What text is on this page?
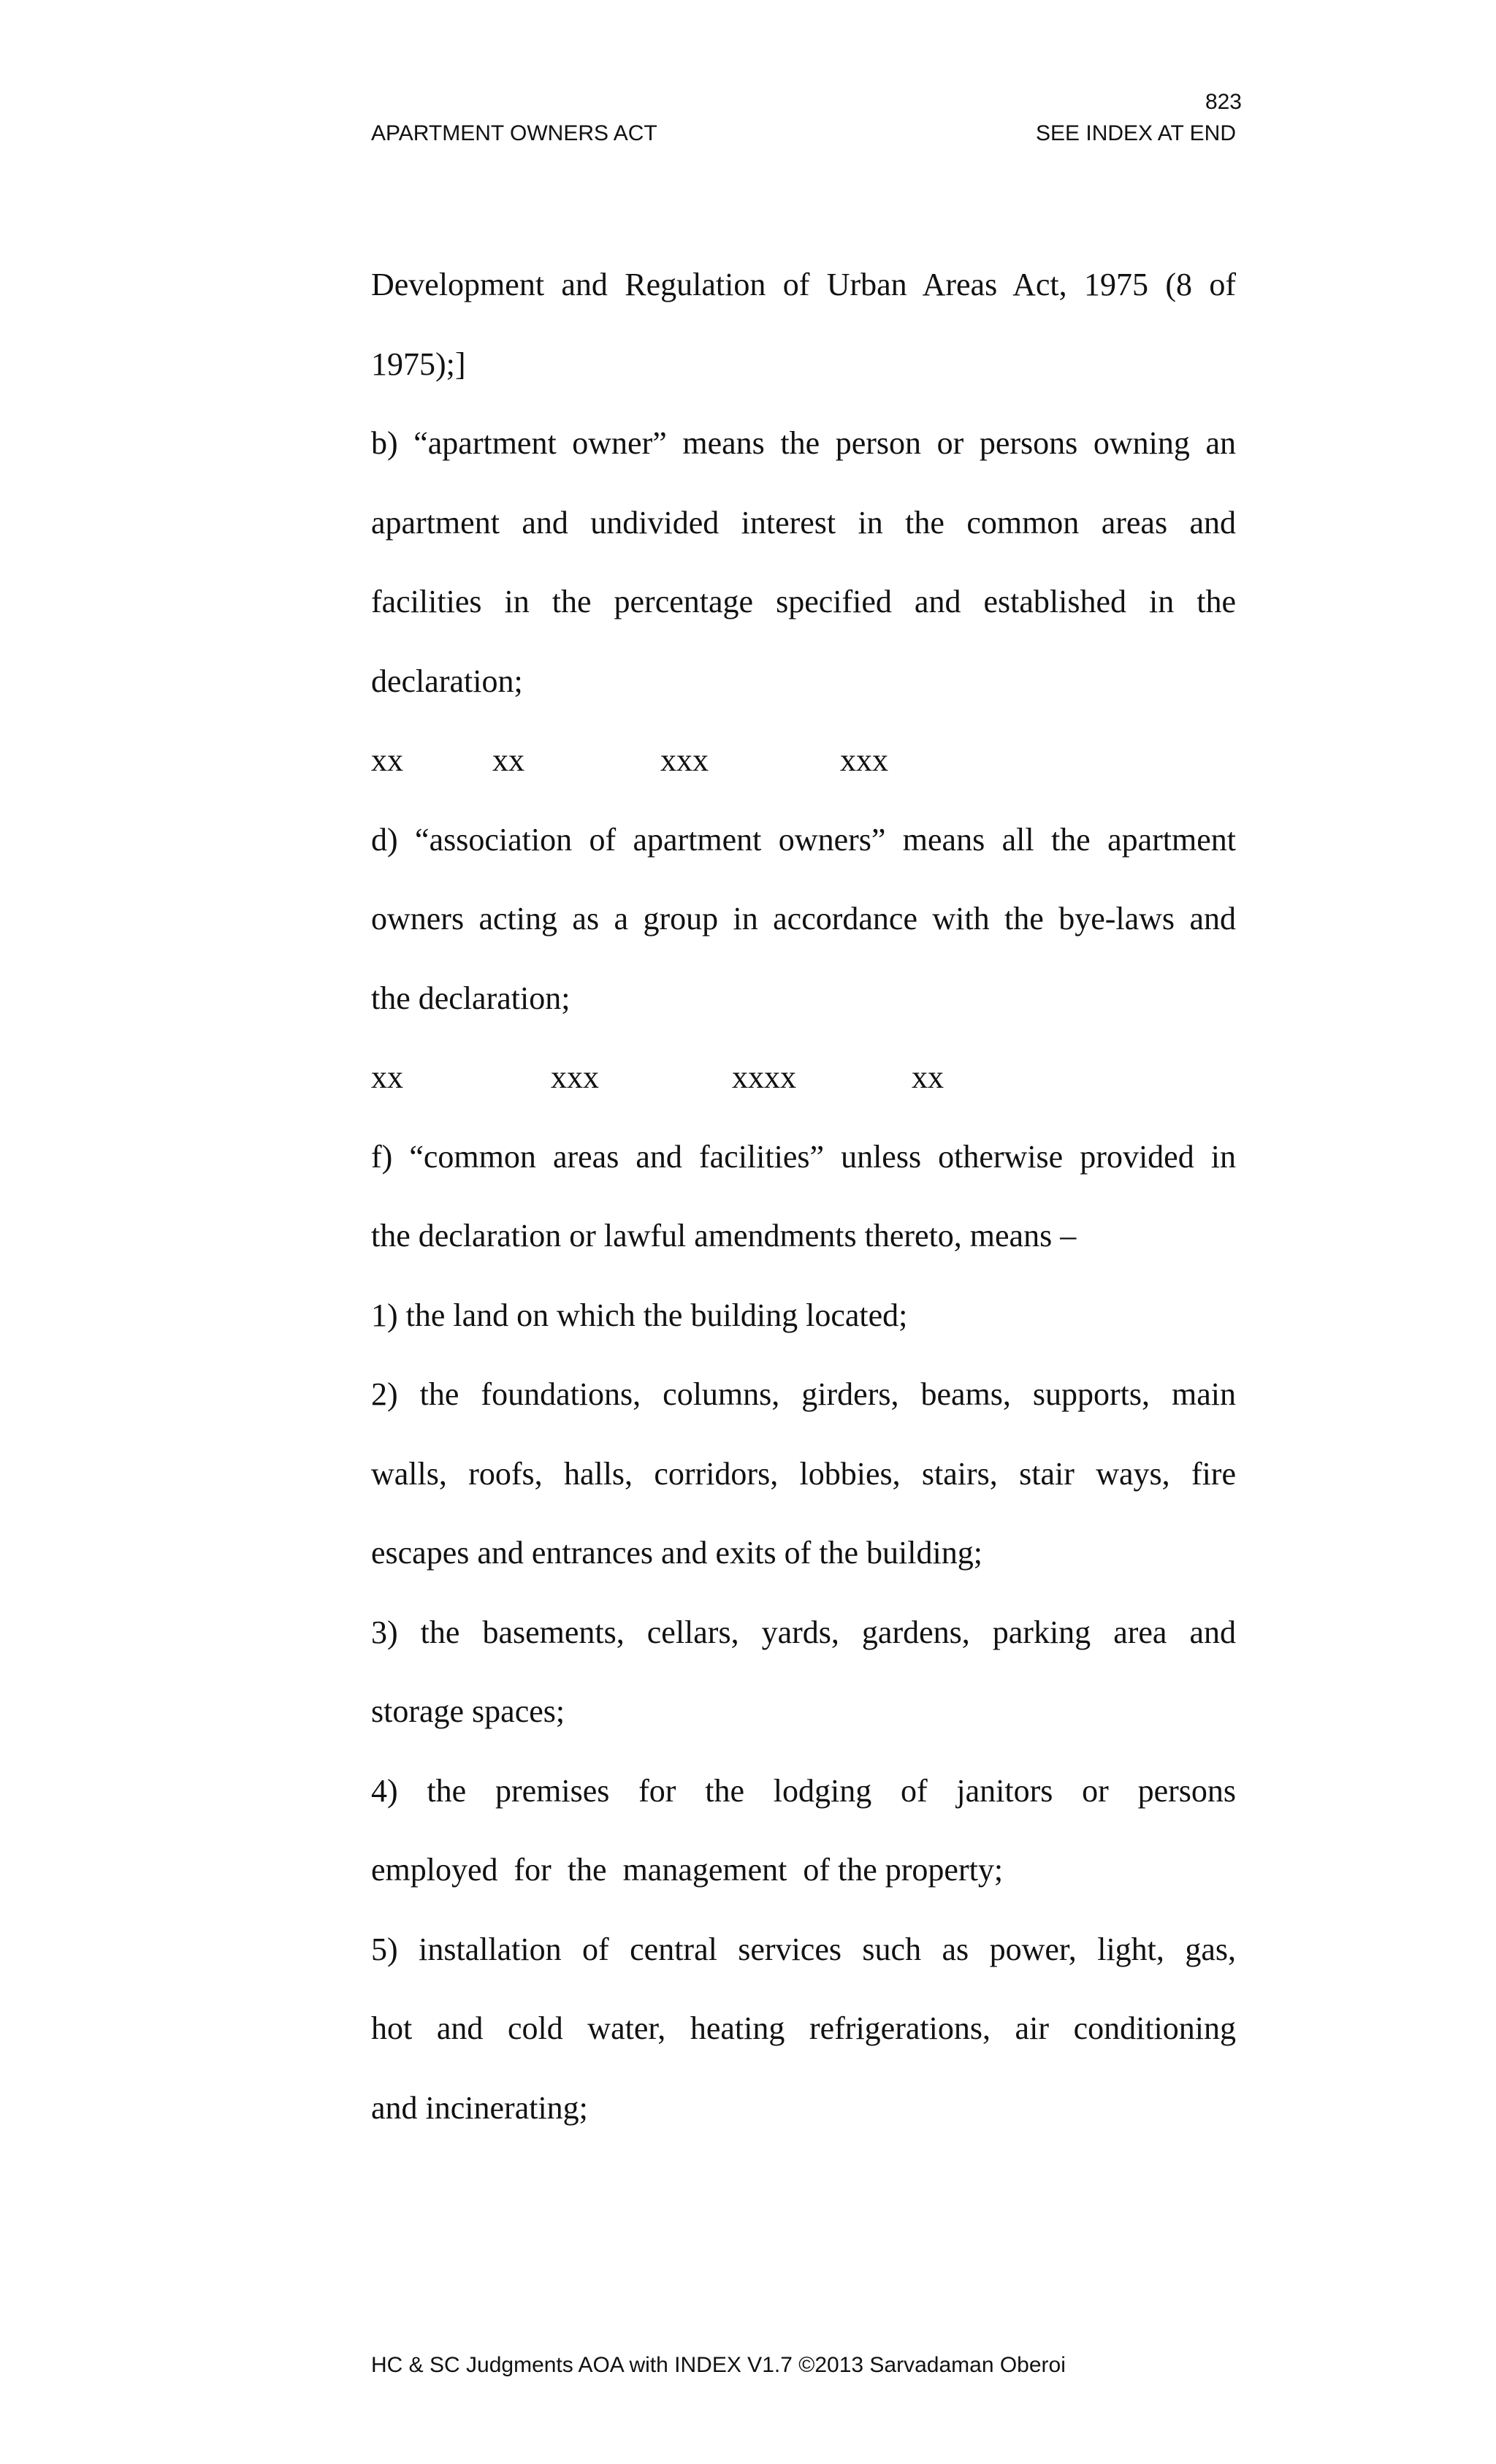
823
APARTMENT OWNERS ACT	SEE INDEX AT END
Development and Regulation of Urban Areas Act, 1975 (8 of
1975);]
b) “apartment owner” means the person or persons owning an
apartment and undivided interest in the common areas and
facilities in the percentage specified and established in the
declaration;
xx	xx	xxx	xxx
d) “association of apartment owners” means all the apartment
owners acting as a group in accordance with the bye-laws and
the declaration;
xx	xxx	xxxx	xx
f) “common areas and facilities” unless otherwise provided in
the declaration or lawful amendments thereto, means –
1) the land on which the building located;
2) the foundations, columns, girders, beams, supports, main
walls, roofs, halls, corridors, lobbies, stairs, stair ways, fire
escapes and entrances and exits of the building;
3) the basements, cellars, yards, gardens, parking area and
storage spaces;
4) the premises for the lodging of janitors or persons
employed  for  the  management  of the property;
5) installation of central services such as power, light, gas,
hot and cold water, heating refrigerations, air conditioning
and incinerating;
HC & SC Judgments AOA with INDEX V1.7 ©2013 Sarvadaman Oberoi
